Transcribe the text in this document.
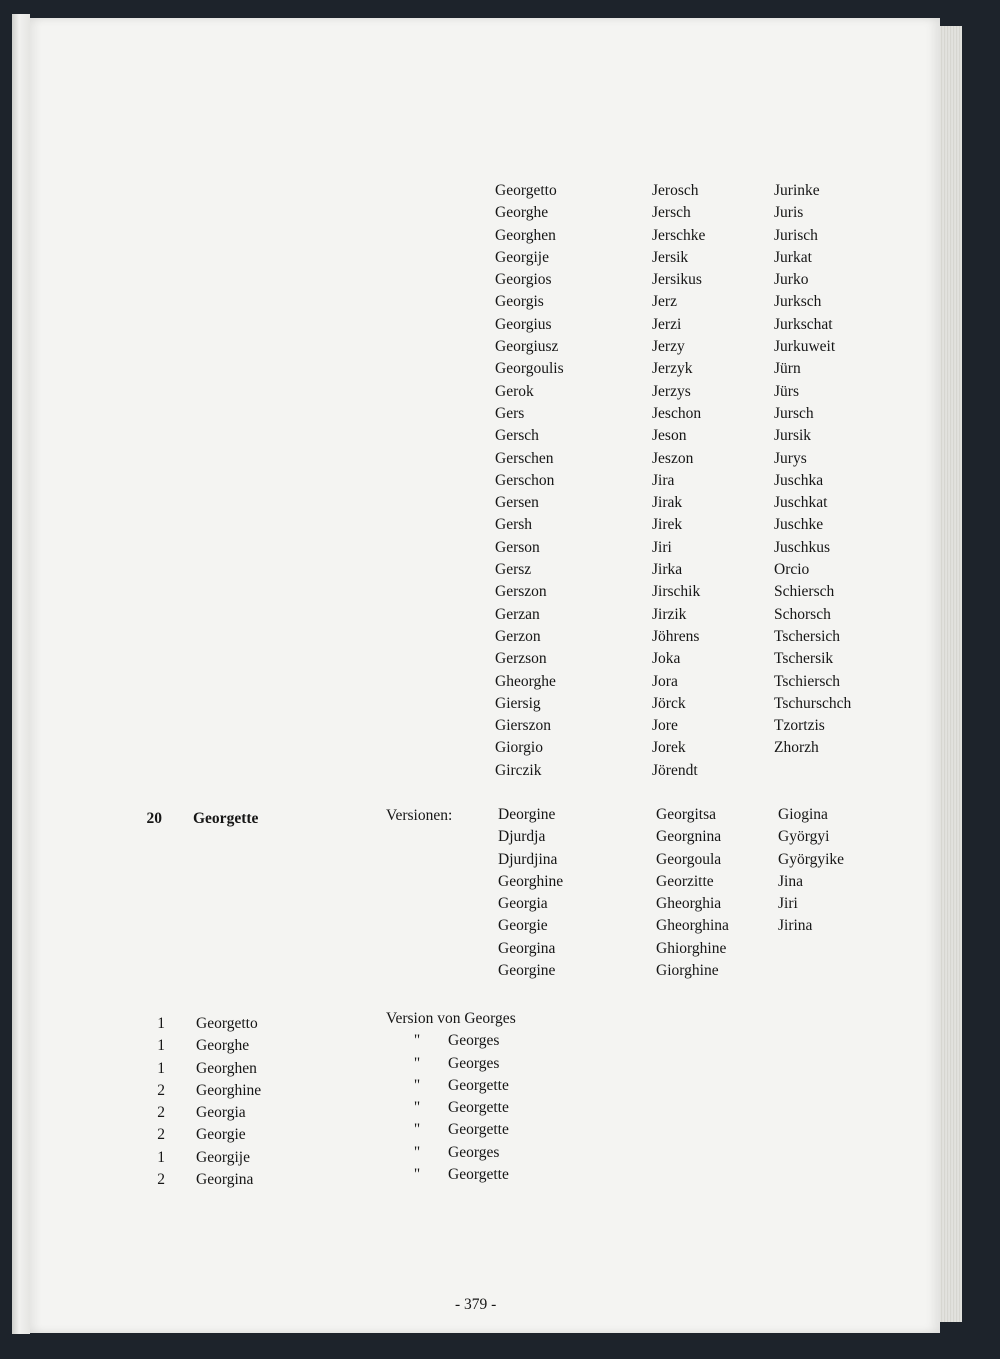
Georgetto
Georghe
Georghen
Georgije
Georgios
Georgis
Georgius
Georgiusz
Georgoulis
Gerok
Gers
Gersch
Gerschen
Gerschon
Gersen
Gersh
Gerson
Gersz
Gerszon
Gerzan
Gerzon
Gerzson
Gheorghe
Giersig
Gierszon
Giorgio
Girczik
Jerosch
Jersch
Jerschke
Jersik
Jersikus
Jerz
Jerzi
Jerzy
Jerzyk
Jerzys
Jeschon
Jeson
Jeszon
Jira
Jirak
Jirek
Jiri
Jirka
Jirschik
Jirzik
Jöhrens
Joka
Jora
Jörck
Jore
Jorek
Jörendt
Jurinke
Juris
Jurisch
Jurkat
Jurko
Jurksch
Jurkschat
Jurkuweit
Jürn
Jürs
Jursch
Jursik
Jurys
Juschka
Juschkat
Juschke
Juschkus
Orcio
Schiersch
Schorsch
Tschersich
Tschersik
Tschiersch
Tschurschch
Tzortzis
Zhorzh
20 Georgette	Versionen:	Deorgine
Djurdja
Djurdjina
Georghine
Georgia
Georgie
Georgina
Georgine
Georgitsa
Georgnina
Georgoula
Georzitte
Gheorghia
Gheorghina
Ghiorghine
Giorghine
Giogina
Györgyi
Györgyike
Jina
Jiri
Jirina
1
1
1
2
2
2
1
2
Georgetto
Georghe
Georghen
Georghine
Georgia
Georgie
Georgije
Georgina
Version von Georges
" Georges
" Georges
" Georgette
" Georgette
" Georgette
" Georges
" Georgette
- 379 -
